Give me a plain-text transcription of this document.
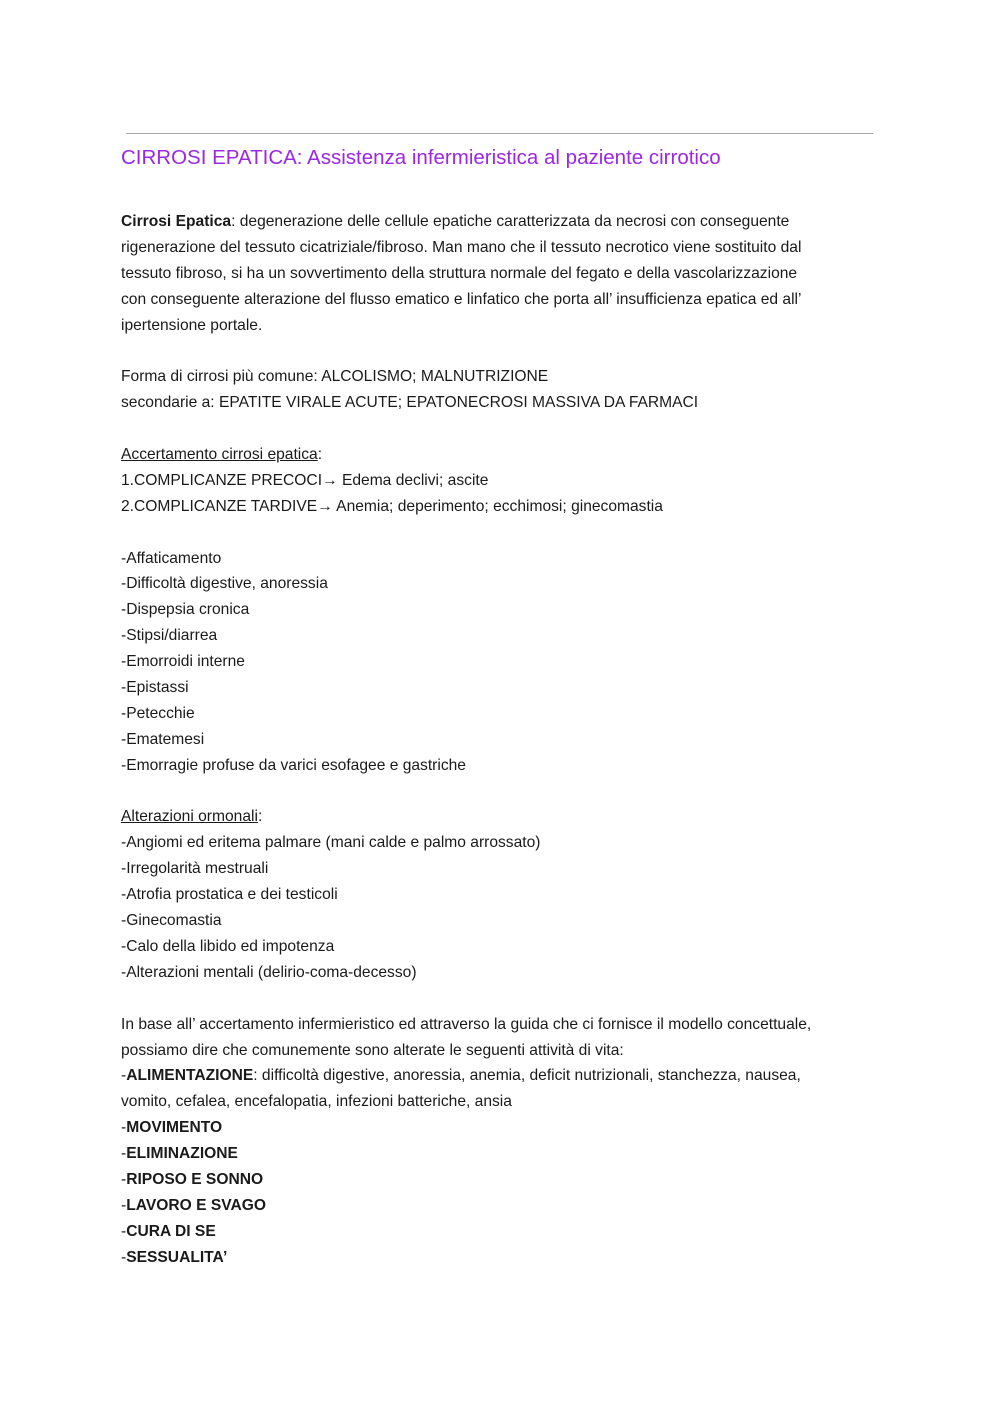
CIRROSI EPATICA: Assistenza infermieristica al paziente cirrotico
Cirrosi Epatica: degenerazione delle cellule epatiche caratterizzata da necrosi con conseguente
rigenerazione del tessuto cicatriziale/fibroso. Man mano che il tessuto necrotico viene sostituito dal
tessuto fibroso, si ha un sovvertimento della struttura normale del fegato e della vascolarizzazione
con conseguente alterazione del flusso ematico e linfatico che porta all’ insufficienza epatica ed all’
ipertensione portale.
Forma di cirrosi più comune: ALCOLISMO; MALNUTRIZIONE
secondarie a: EPATITE VIRALE ACUTE; EPATONECROSI MASSIVA DA FARMACI
Accertamento cirrosi epatica:
1.COMPLICANZE PRECOCI→ Edema declivi; ascite
2.COMPLICANZE TARDIVE→ Anemia; deperimento; ecchimosi; ginecomastia
-Affaticamento
-Difficoltà digestive, anoressia
-Dispepsia cronica
-Stipsi/diarrea
-Emorroidi interne
-Epistassi
-Petecchie
-Ematemesi
-Emorragie profuse da varici esofagee e gastriche
Alterazioni ormonali:
-Angiomi ed eritema palmare (mani calde e palmo arrossato)
-Irregolarità mestruali
-Atrofia prostatica e dei testicoli
-Ginecomastia
-Calo della libido ed impotenza
-Alterazioni mentali (delirio-coma-decesso)
In base all’ accertamento infermieristico ed attraverso la guida che ci fornisce il modello concettuale,
possiamo dire che comunemente sono alterate le seguenti attività di vita:
-ALIMENTAZIONE: difficoltà digestive, anoressia, anemia, deficit nutrizionali, stanchezza, nausea,
vomito, cefalea, encefalopatia, infezioni batteriche, ansia
-MOVIMENTO
-ELIMINAZIONE
-RIPOSO E SONNO
-LAVORO E SVAGO
-CURA DI SE
-SESSUALITA’
